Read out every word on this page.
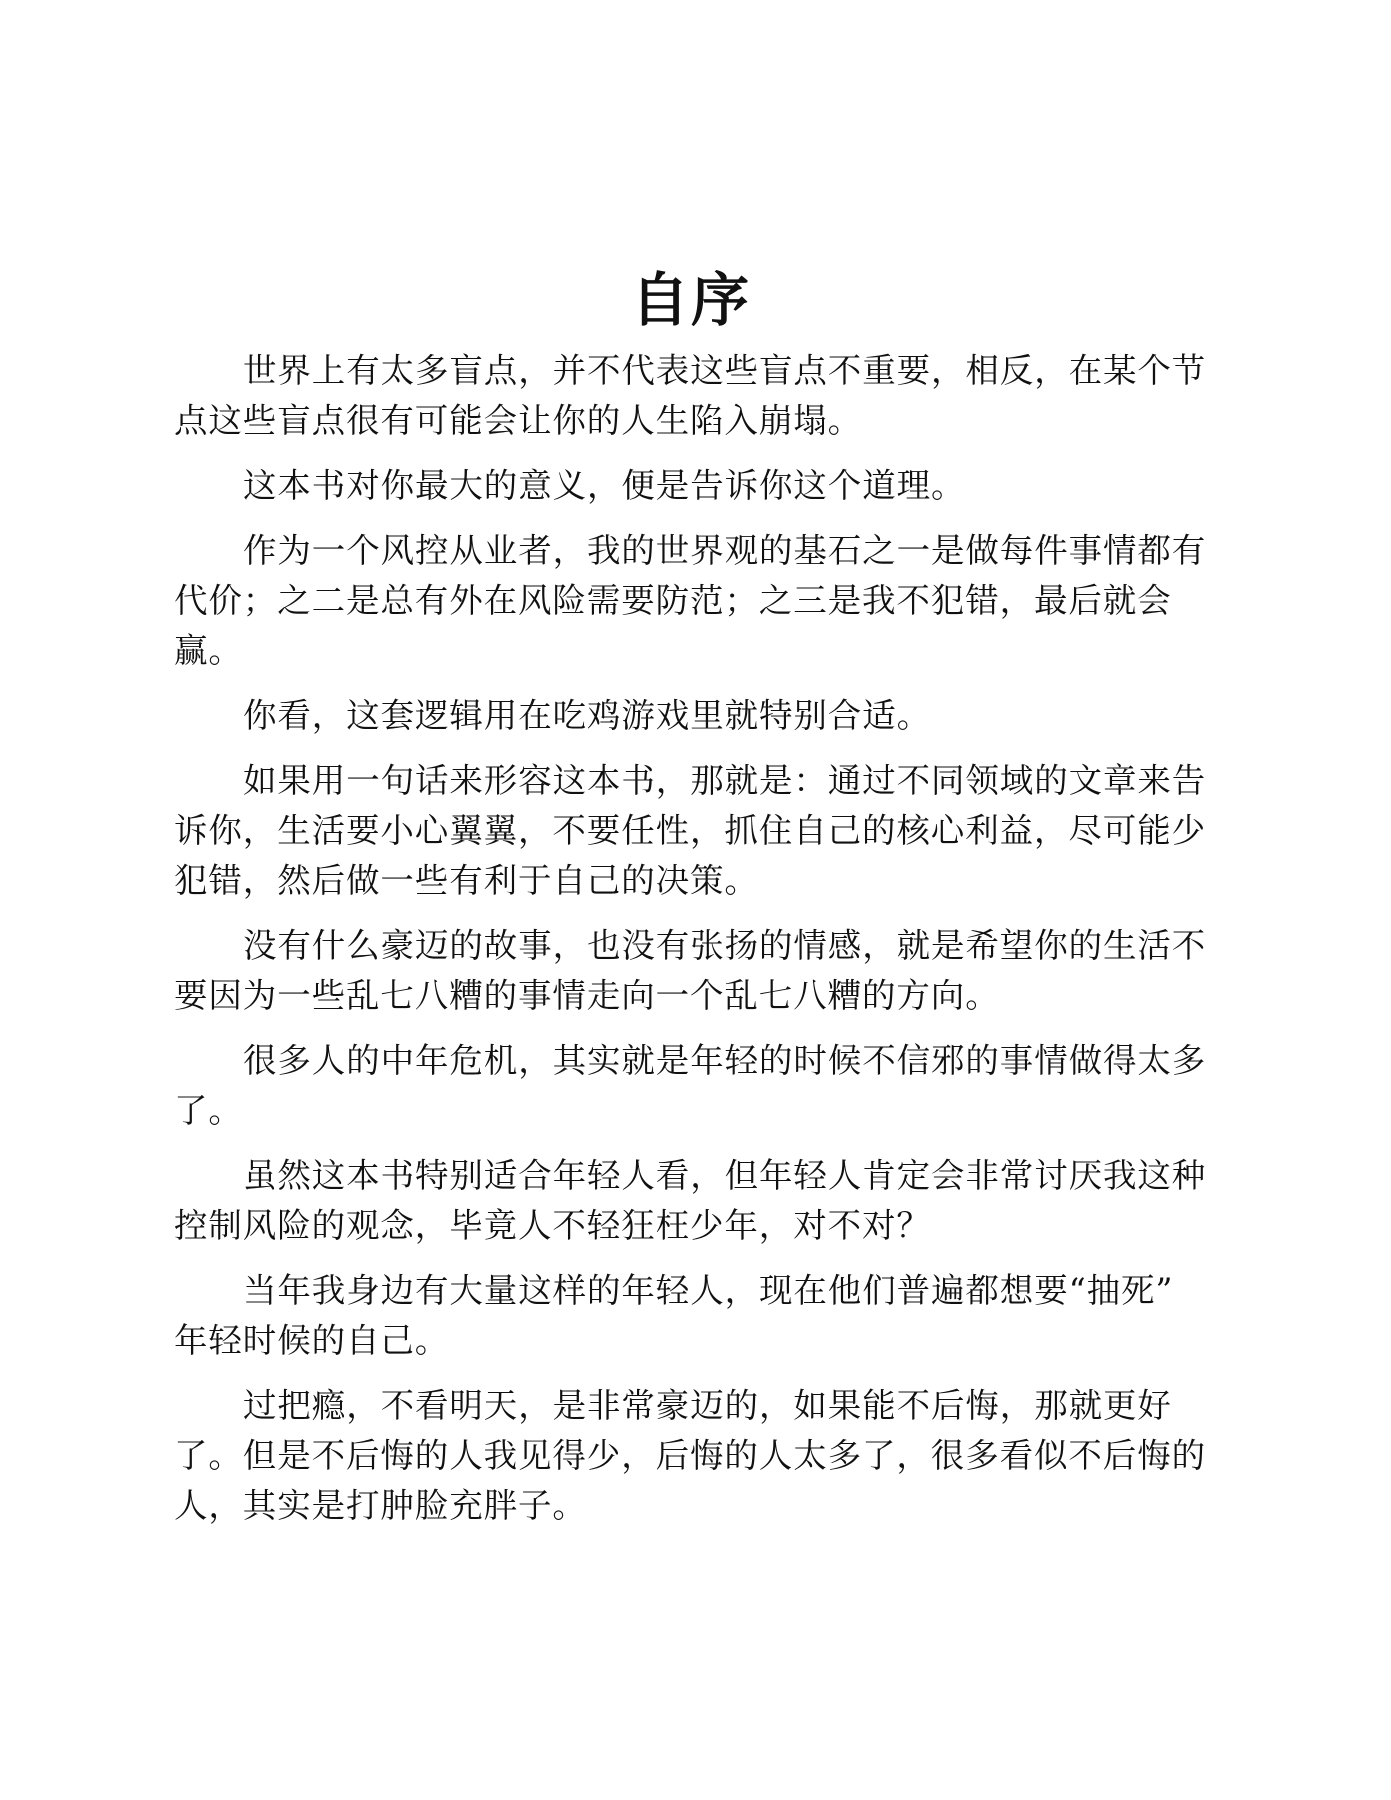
自序

世界上有太多盲点，并不代表这些盲点不重要，相反，在某个节
点这些盲点很有可能会让你的人生陷入崩塌。

这本书对你最大的意义，便是告诉你这个道理。

作为一个风控从业者，我的世界观的基石之一是做每件事情都有
代价；之二是总有外在风险需要防范；之三是我不犯错，最后就会
赢。

你看，这套逻辑用在吃鸡游戏里就特别合适。

如果用一句话来形容这本书，那就是：通过不同领域的文章来告
诉你，生活要小心翼翼，不要任性，抓住自己的核心利益，尽可能少
犯错，然后做一些有利于自己的决策。

没有什么豪迈的故事，也没有张扬的情感，就是希望你的生活不
要因为一些乱七八糟的事情走向一个乱七八糟的方向。

很多人的中年危机，其实就是年轻的时候不信邪的事情做得太多
了。

虽然这本书特别适合年轻人看，但年轻人肯定会非常讨厌我这种
控制风险的观念，毕竟人不轻狂枉少年，对不对？

当年我身边有大量这样的年轻人，现在他们普遍都想要“抽死”
年轻时候的自己。

过把瘾，不看明天，是非常豪迈的，如果能不后悔，那就更好
了。但是不后悔的人我见得少，后悔的人太多了，很多看似不后悔的
人，其实是打肿脸充胖子。
